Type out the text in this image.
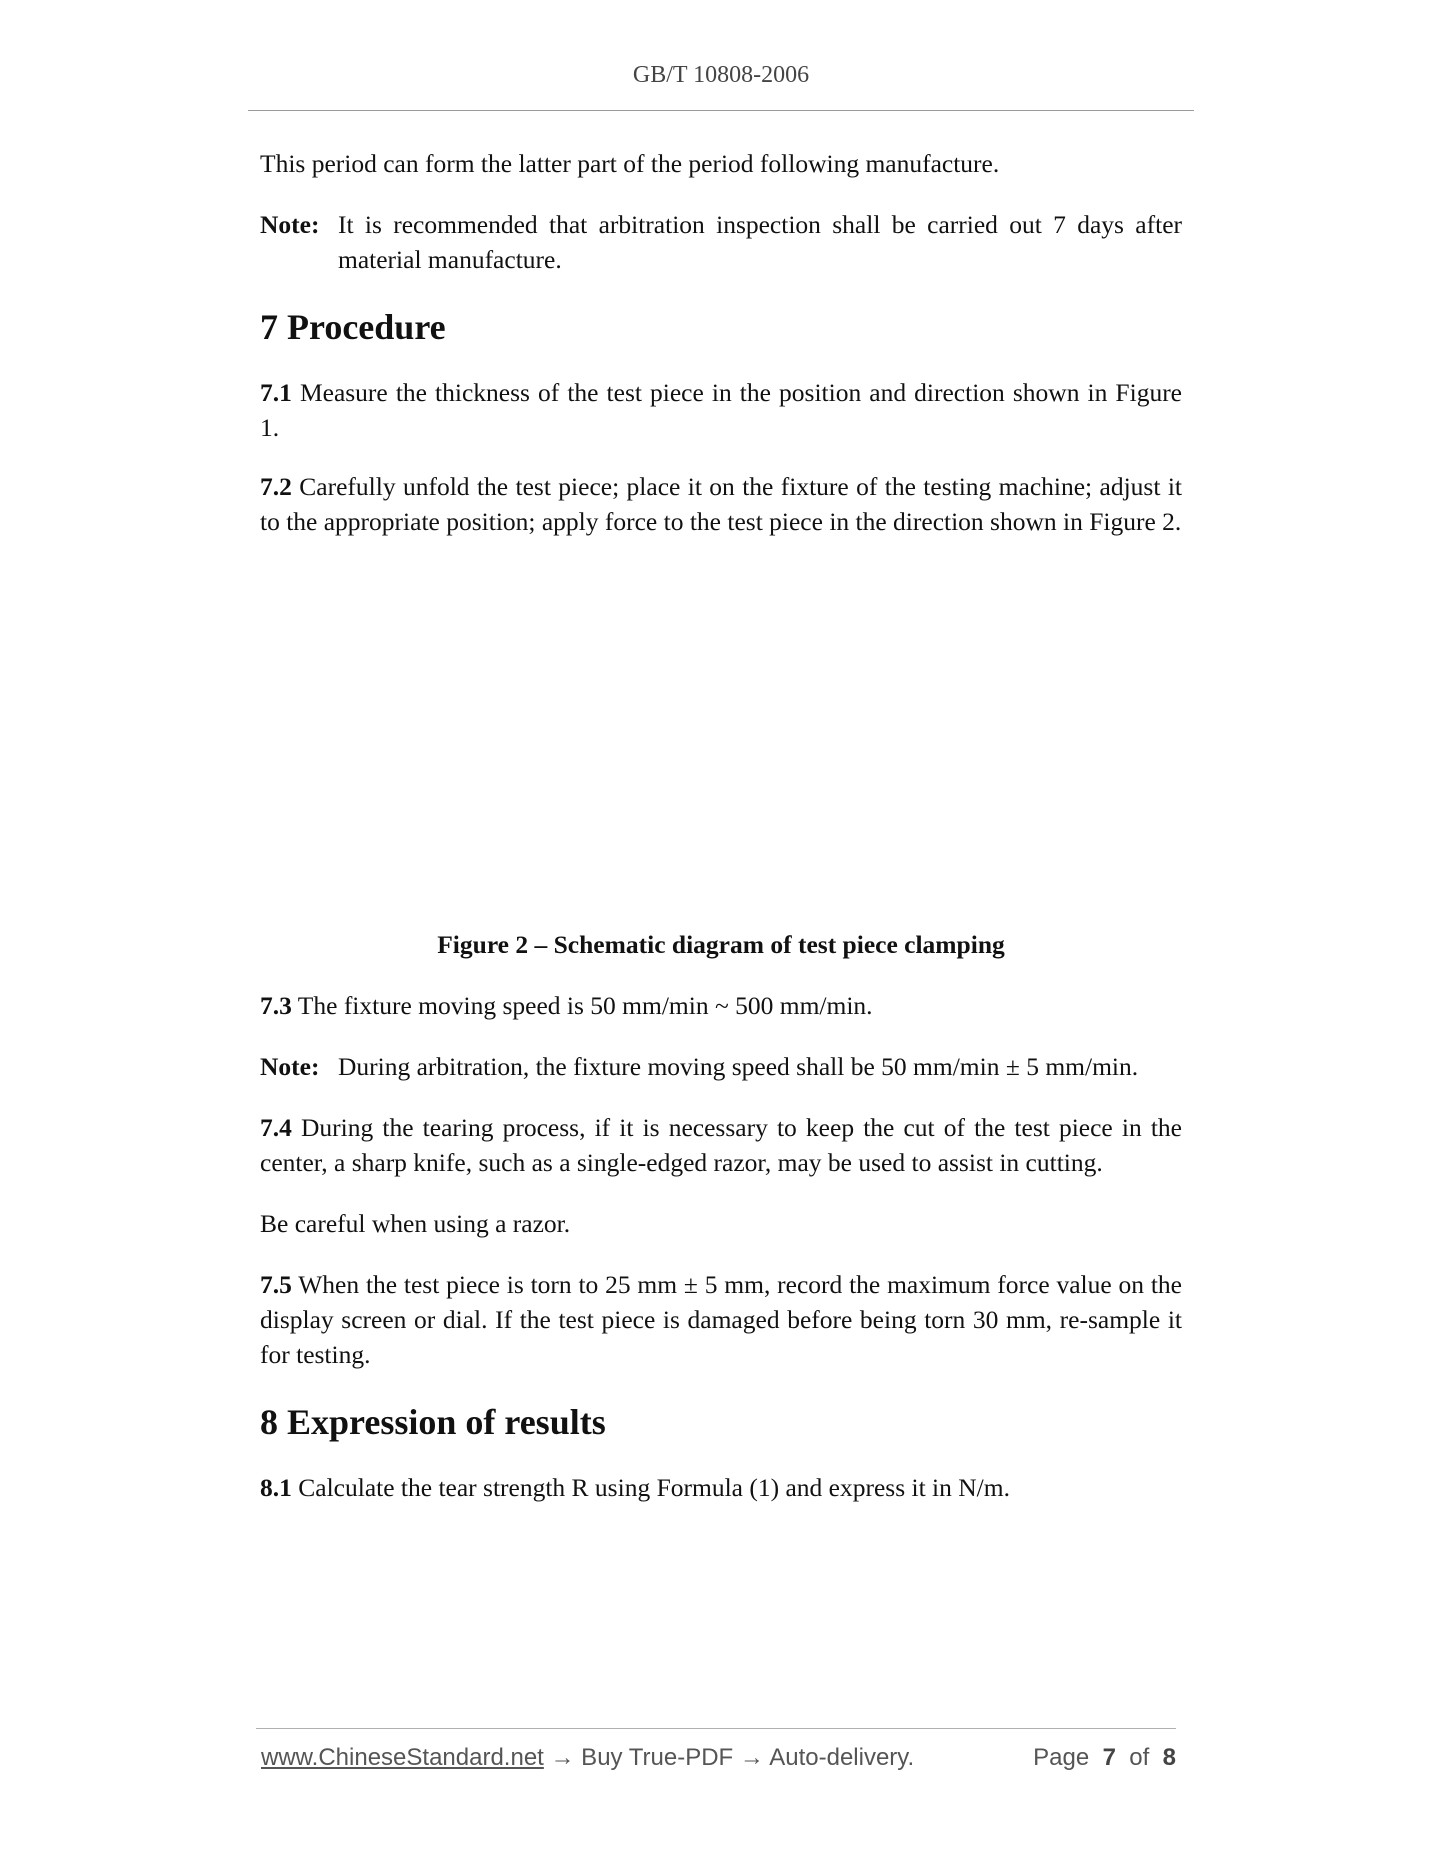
GB/T 10808-2006

This period can form the latter part of the period following manufacture.

Note: It is recommended that arbitration inspection shall be carried out 7 days after material manufacture.

7 Procedure

7.1 Measure the thickness of the test piece in the position and direction shown in Figure 1.

7.2 Carefully unfold the test piece; place it on the fixture of the testing machine; adjust it to the appropriate position; apply force to the test piece in the direction shown in Figure 2.

Figure 2 – Schematic diagram of test piece clamping

7.3 The fixture moving speed is 50 mm/min ~ 500 mm/min.

Note: During arbitration, the fixture moving speed shall be 50 mm/min ± 5 mm/min.

7.4 During the tearing process, if it is necessary to keep the cut of the test piece in the center, a sharp knife, such as a single-edged razor, may be used to assist in cutting.

Be careful when using a razor.

7.5 When the test piece is torn to 25 mm ± 5 mm, record the maximum force value on the display screen or dial. If the test piece is damaged before being torn 30 mm, re-sample it for testing.

8 Expression of results

8.1 Calculate the tear strength R using Formula (1) and express it in N/m.

www.ChineseStandard.net → Buy True-PDF → Auto-delivery.	Page 7 of 8
